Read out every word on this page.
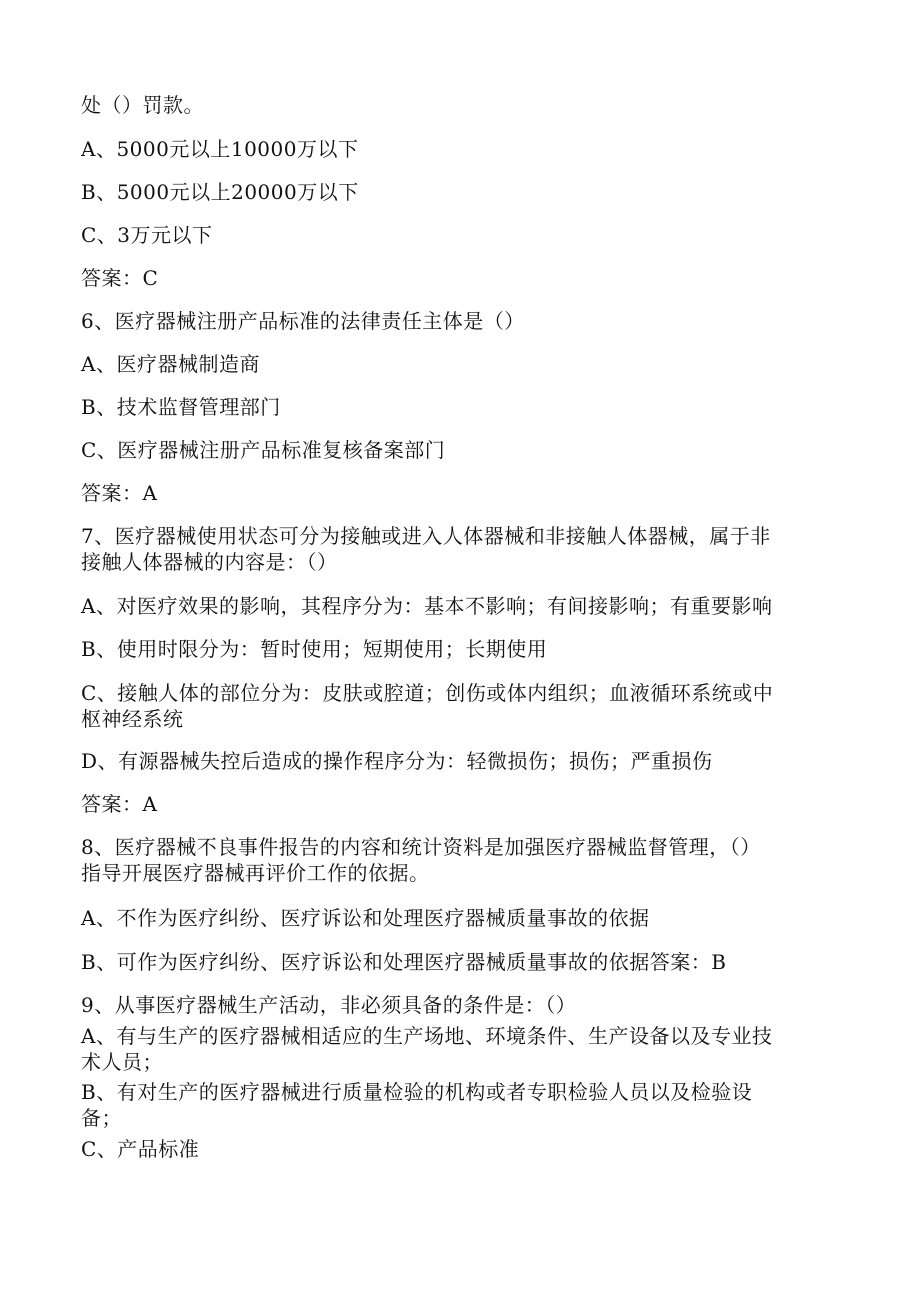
处（）罚款。
A、5000元以上10000万以下
B、5000元以上20000万以下
C、3万元以下
答案：C
6、医疗器械注册产品标准的法律责任主体是（）
A、医疗器械制造商
B、技术监督管理部门
C、医疗器械注册产品标准复核备案部门
答案：A
7、医疗器械使用状态可分为接触或进入人体器械和非接触人体器械，属于非
接触人体器械的内容是：（）
A、对医疗效果的影响，其程序分为：基本不影响；有间接影响；有重要影响
B、使用时限分为：暂时使用；短期使用；长期使用
C、接触人体的部位分为：皮肤或腔道；创伤或体内组织；血液循环系统或中
枢神经系统
D、有源器械失控后造成的操作程序分为：轻微损伤；损伤；严重损伤
答案：A
8、医疗器械不良事件报告的内容和统计资料是加强医疗器械监督管理，（）
指导开展医疗器械再评价工作的依据。
A、不作为医疗纠纷、医疗诉讼和处理医疗器械质量事故的依据
B、可作为医疗纠纷、医疗诉讼和处理医疗器械质量事故的依据答案：B
9、从事医疗器械生产活动，非必须具备的条件是：（）
A、有与生产的医疗器械相适应的生产场地、环境条件、生产设备以及专业技
术人员；
B、有对生产的医疗器械进行质量检验的机构或者专职检验人员以及检验设
备；
C、产品标准
